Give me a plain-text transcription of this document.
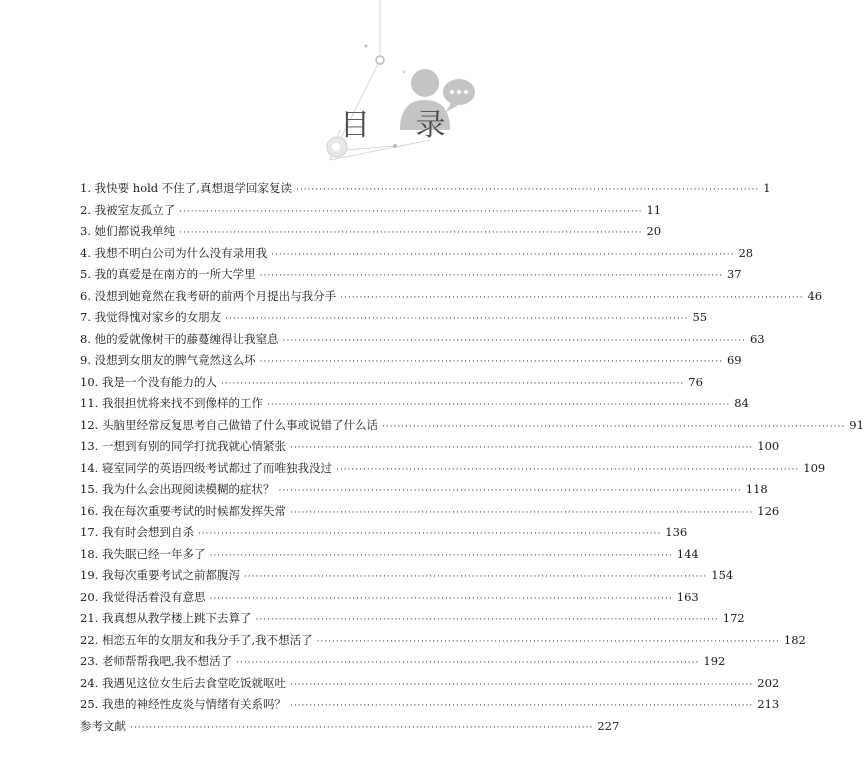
目 录
1. 我快要 hold 不住了,真想退学回家复读 ························································································································ 1
2. 我被室友孤立了 ························································································································ 11
3. 她们都说我单纯 ························································································································ 20
4. 我想不明白公司为什么没有录用我 ························································································································ 28
5. 我的真爱是在南方的一所大学里 ························································································································ 37
6. 没想到她竟然在我考研的前两个月提出与我分手 ························································································································ 46
7. 我觉得愧对家乡的女朋友 ························································································································ 55
8. 他的爱就像树干的藤蔓缠得让我窒息 ························································································································ 63
9. 没想到女朋友的脾气竟然这么坏 ························································································································ 69
10. 我是一个没有能力的人 ························································································································ 76
11. 我很担忧将来找不到像样的工作 ························································································································ 84
12. 头脑里经常反复思考自己做错了什么事或说错了什么话 ························································································································ 91
13. 一想到有别的同学打扰我就心情紧张 ························································································································ 100
14. 寝室同学的英语四级考试都过了而唯独我没过 ························································································································ 109
15. 我为什么会出现阅读模糊的症状？ ························································································································ 118
16. 我在每次重要考试的时候都发挥失常 ························································································································ 126
17. 我有时会想到自杀 ························································································································ 136
18. 我失眠已经一年多了 ························································································································ 144
19. 我每次重要考试之前都腹泻 ························································································································ 154
20. 我觉得活着没有意思 ························································································································ 163
21. 我真想从教学楼上跳下去算了 ························································································································ 172
22. 相恋五年的女朋友和我分手了,我不想活了 ························································································································ 182
23. 老师帮帮我吧,我不想活了 ························································································································ 192
24. 我遇见这位女生后去食堂吃饭就呕吐 ························································································································ 202
25. 我患的神经性皮炎与情绪有关系吗？ ························································································································ 213
参考文献 ························································································································ 227
